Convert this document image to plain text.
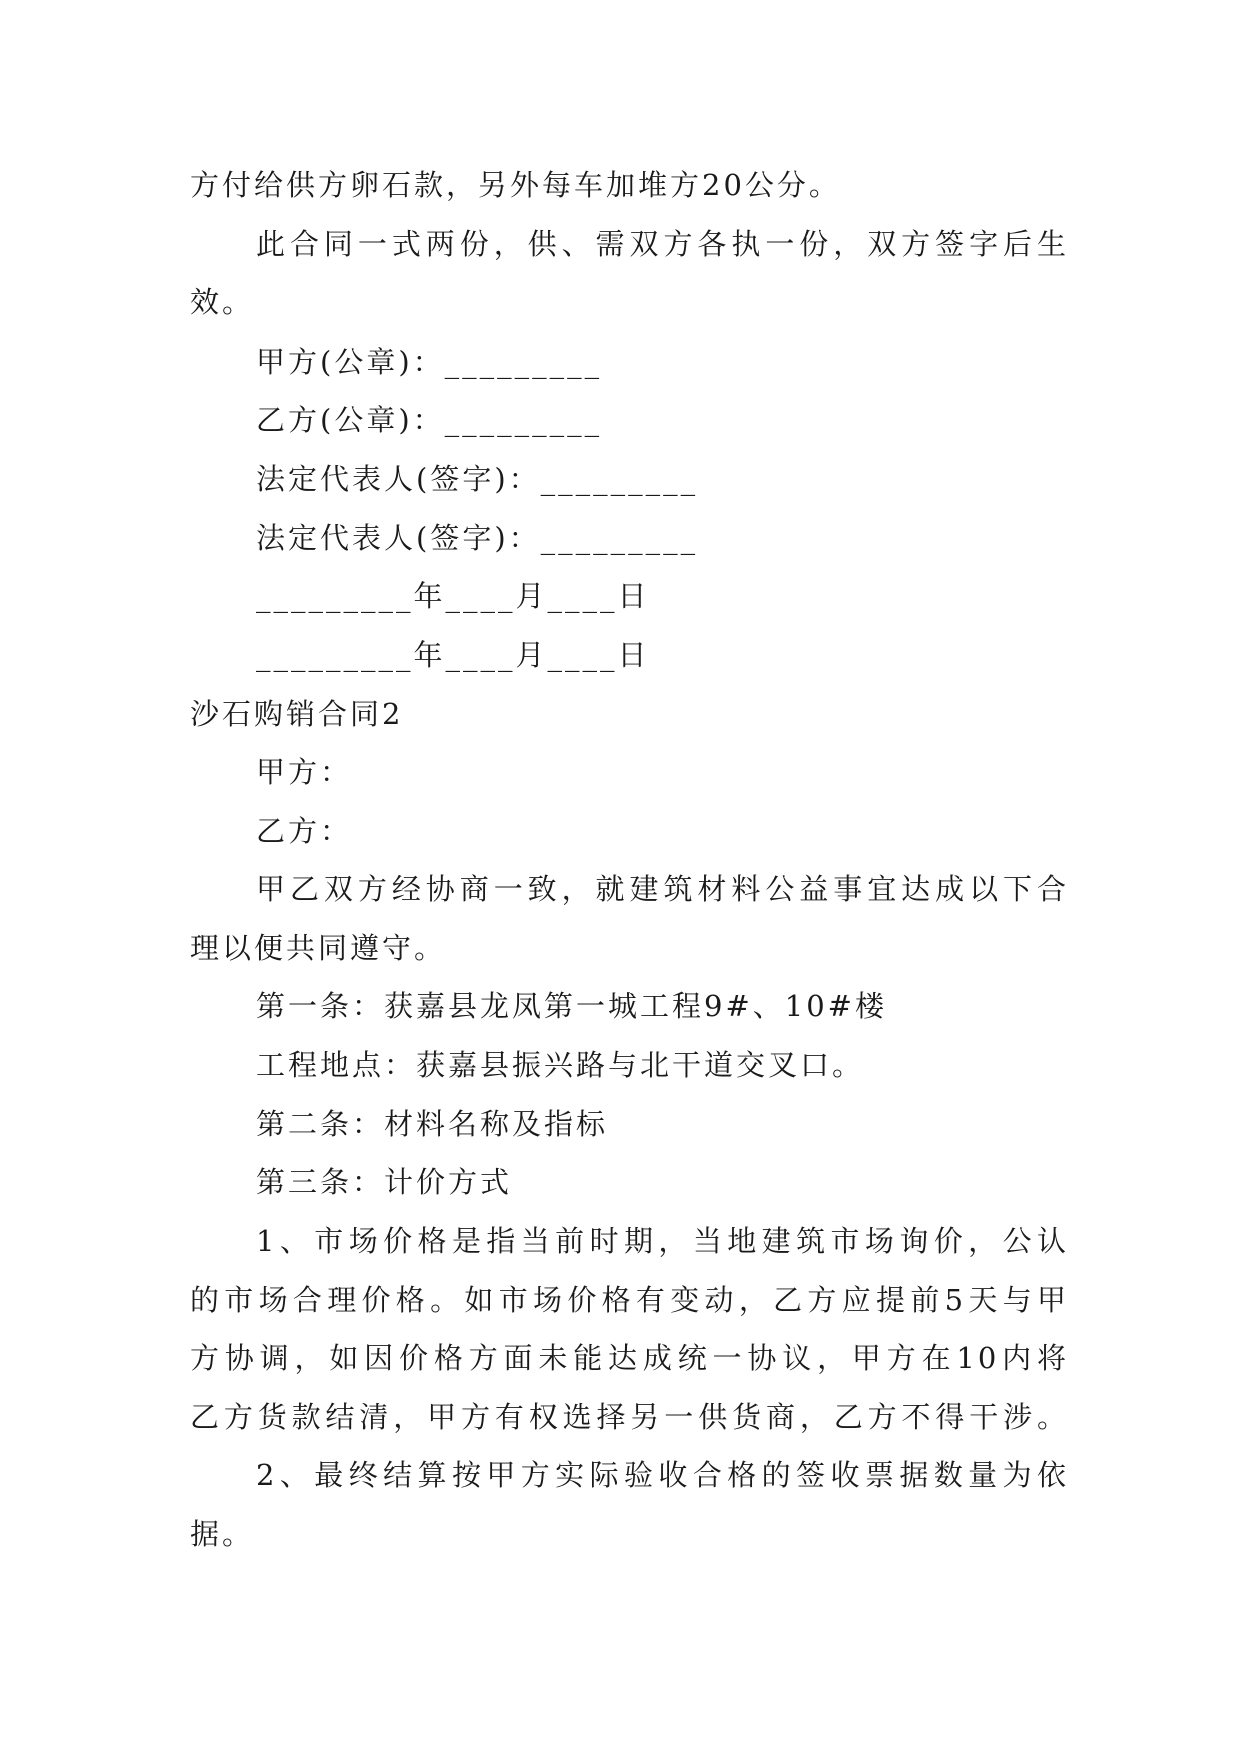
方付给供方卵石款，另外每车加堆方20公分。
此合同一式两份，供、需双方各执一份，双方签字后生
效。
甲方(公章)：_________
乙方(公章)：_________
法定代表人(签字)：_________
法定代表人(签字)：_________
_________年____月____日
_________年____月____日
沙石购销合同2
甲方：
乙方：
甲乙双方经协商一致，就建筑材料公益事宜达成以下合
理以便共同遵守。
第一条：获嘉县龙凤第一城工程9#、10#楼
工程地点：获嘉县振兴路与北干道交叉口。
第二条：材料名称及指标
第三条：计价方式
1、市场价格是指当前时期，当地建筑市场询价，公认
的市场合理价格。如市场价格有变动，乙方应提前5天与甲
方协调，如因价格方面未能达成统一协议，甲方在10内将
乙方货款结清，甲方有权选择另一供货商，乙方不得干涉。
2、最终结算按甲方实际验收合格的签收票据数量为依
据。
